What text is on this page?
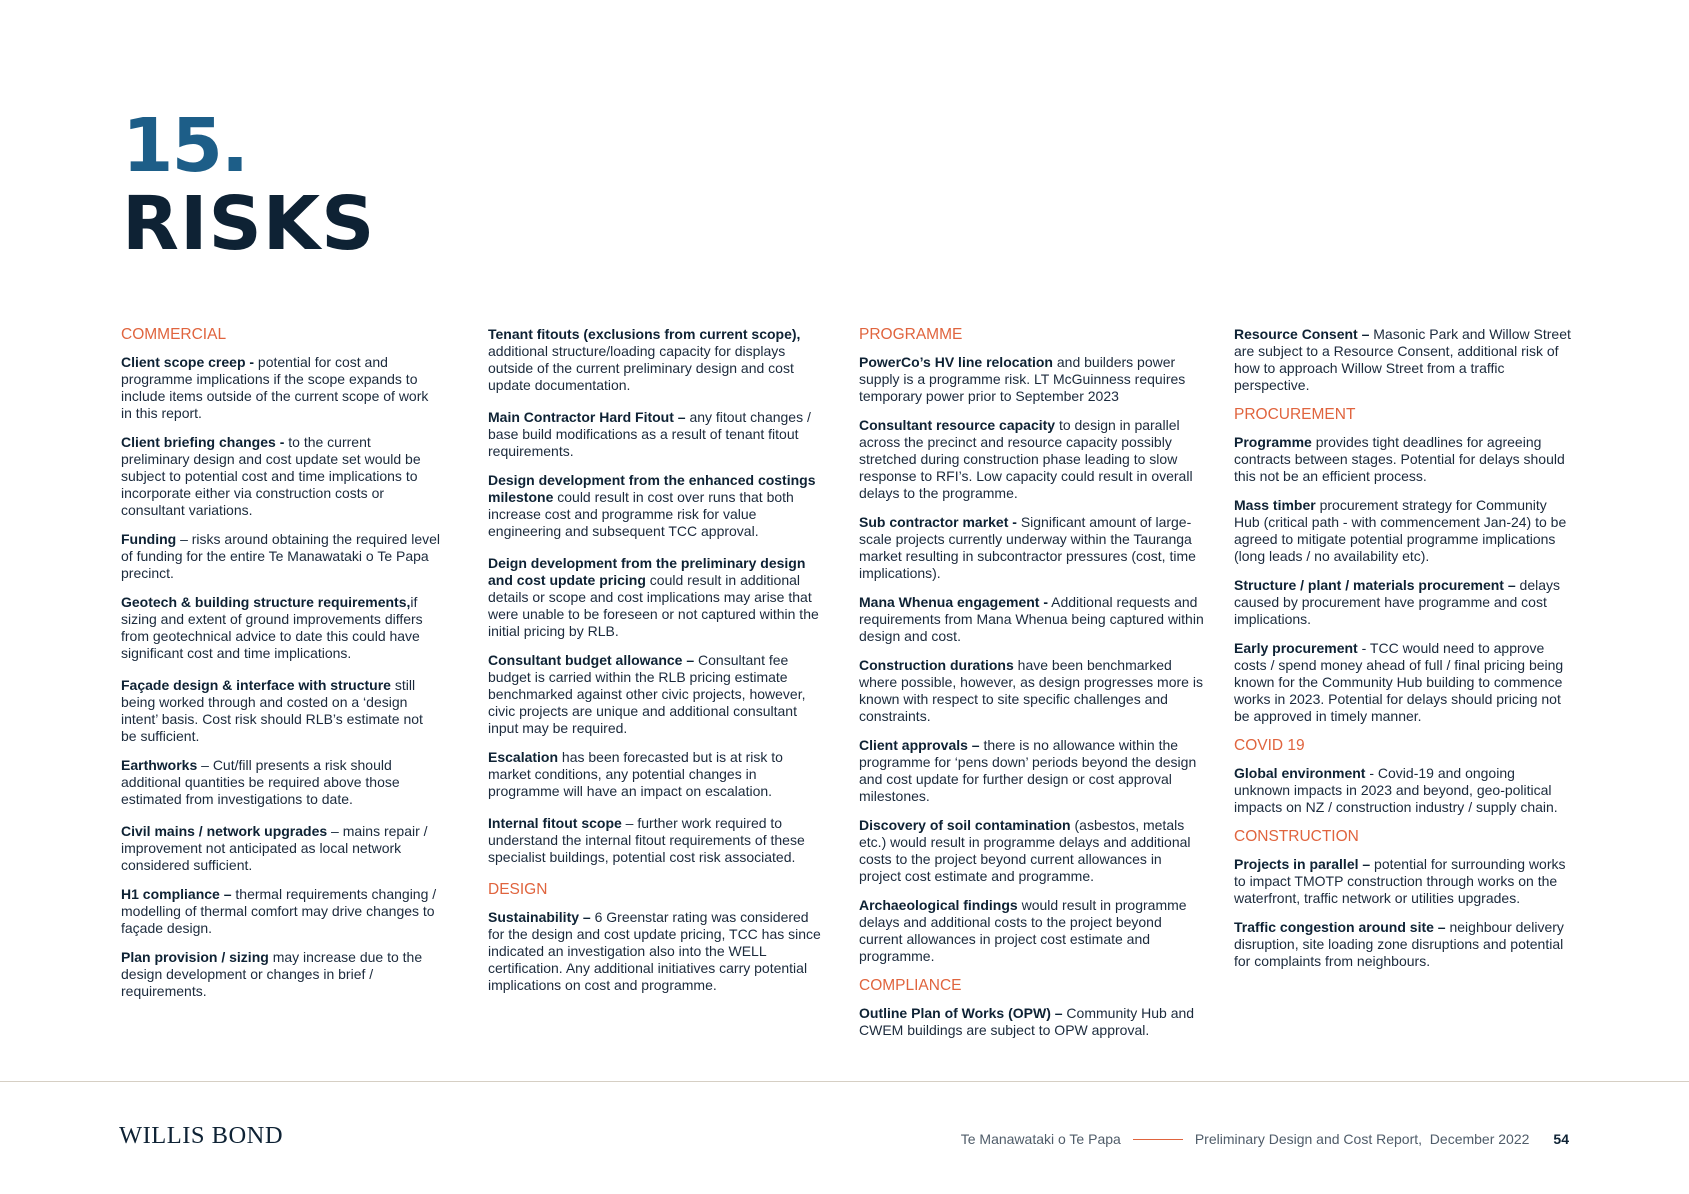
15.
RISKS
COMMERCIAL
Client scope creep - potential for cost and programme implications if the scope expands to include items outside of the current scope of work in this report.
Client briefing changes - to the current preliminary design and cost update set would be subject to potential cost and time implications to incorporate either via construction costs or consultant variations.
Funding – risks around obtaining the required level of funding for the entire Te Manawataki o Te Papa precinct.
Geotech & building structure requirements,if sizing and extent of ground improvements differs from geotechnical advice to date this could have significant cost and time implications.
Façade design & interface with structure still being worked through and costed on a ‘design intent’ basis. Cost risk should RLB’s estimate not be sufficient.
Earthworks – Cut/fill presents a risk should additional quantities be required above those estimated from investigations to date.
Civil mains / network upgrades – mains repair / improvement not anticipated as local network considered sufficient.
H1 compliance – thermal requirements changing / modelling of thermal comfort may drive changes to façade design.
Plan provision / sizing may increase due to the design development or changes in brief / requirements.
Tenant fitouts (exclusions from current scope), additional structure/loading capacity for displays outside of the current preliminary design and cost update documentation.
Main Contractor Hard Fitout – any fitout changes / base build modifications as a result of tenant fitout requirements.
Design development from the enhanced costings milestone could result in cost over runs that both increase cost and programme risk for value engineering and subsequent TCC approval.
Deign development from the preliminary design and cost update pricing could result in additional details or scope and cost implications may arise that were unable to be foreseen or not captured within the initial pricing by RLB.
Consultant budget allowance – Consultant fee budget is carried within the RLB pricing estimate benchmarked against other civic projects, however, civic projects are unique and additional consultant input may be required.
Escalation has been forecasted but is at risk to market conditions, any potential changes in programme will have an impact on escalation.
Internal fitout scope – further work required to understand the internal fitout requirements of these specialist buildings, potential cost risk associated.
DESIGN
Sustainability – 6 Greenstar rating was considered for the design and cost update pricing, TCC has since indicated an investigation also into the WELL certification. Any additional initiatives carry potential implications on cost and programme.
PROGRAMME
PowerCo’s HV line relocation and builders power supply is a programme risk. LT McGuinness requires temporary power prior to September 2023
Consultant resource capacity to design in parallel across the precinct and resource capacity possibly stretched during construction phase leading to slow response to RFI’s. Low capacity could result in overall delays to the programme.
Sub contractor market - Significant amount of large-scale projects currently underway within the Tauranga market resulting in subcontractor pressures (cost, time implications).
Mana Whenua engagement - Additional requests and requirements from Mana Whenua being captured within design and cost.
Construction durations have been benchmarked where possible, however, as design progresses more is known with respect to site specific challenges and constraints.
Client approvals – there is no allowance within the programme for ‘pens down’ periods beyond the design and cost update for further design or cost approval milestones.
Discovery of soil contamination (asbestos, metals etc.) would result in programme delays and additional costs to the project beyond current allowances in project cost estimate and programme.
Archaeological findings would result in programme delays and additional costs to the project beyond current allowances in project cost estimate and programme.
COMPLIANCE
Outline Plan of Works (OPW) – Community Hub and CWEM buildings are subject to OPW approval.
Resource Consent – Masonic Park and Willow Street are subject to a Resource Consent, additional risk of how to approach Willow Street from a traffic perspective.
PROCUREMENT
Programme provides tight deadlines for agreeing contracts between stages. Potential for delays should this not be an efficient process.
Mass timber procurement strategy for Community Hub (critical path - with commencement Jan-24) to be agreed to mitigate potential programme implications (long leads / no availability etc).
Structure / plant / materials procurement – delays caused by procurement have programme and cost implications.
Early procurement - TCC would need to approve costs / spend money ahead of full / final pricing being known for the Community Hub building to commence works in 2023. Potential for delays should pricing not be approved in timely manner.
COVID 19
Global environment - Covid-19 and ongoing unknown impacts in 2023 and beyond, geo-political impacts on NZ / construction industry / supply chain.
CONSTRUCTION
Projects in parallel – potential for surrounding works to impact TMOTP construction through works on the waterfront, traffic network or utilities upgrades.
Traffic congestion around site – neighbour delivery disruption, site loading zone disruptions and potential for complaints from neighbours.
WILLIS BOND	Te Manawataki o Te Papa	Preliminary Design and Cost Report,  December 2022 54
